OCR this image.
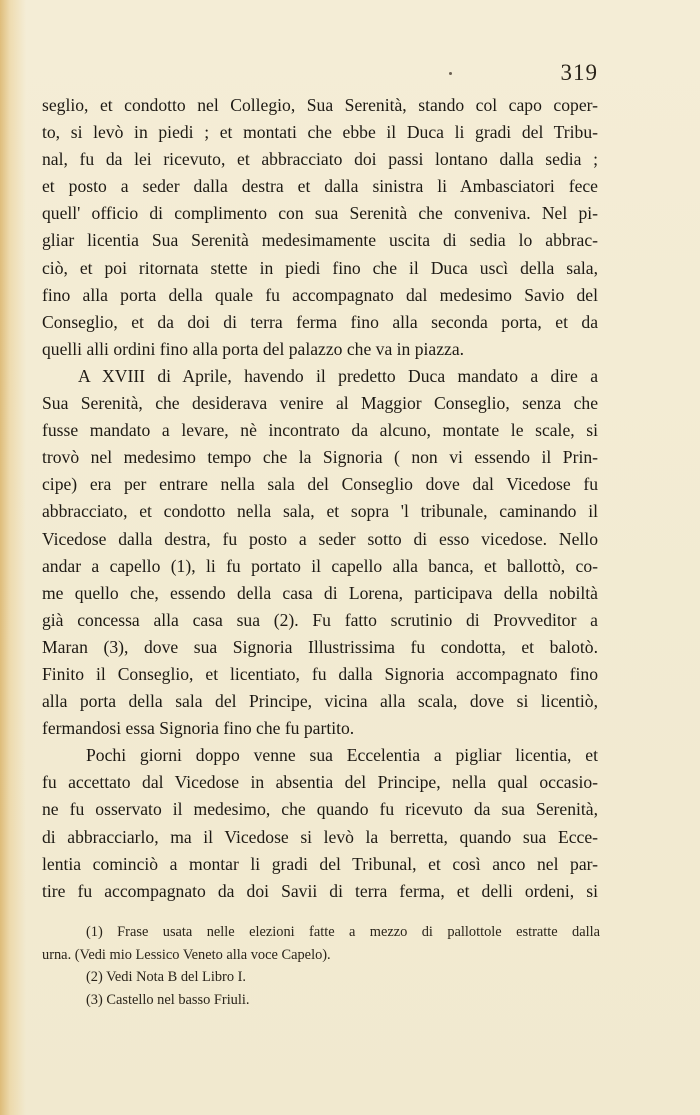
319
seglio, et condotto nel Collegio, Sua Serenità, stando col capo coper-
to, si levò in piedi ; et montati che ebbe il Duca li gradi del Tribu-
nal, fu da lei ricevuto, et abbracciato doi passi lontano dalla sedia ;
et posto a seder dalla destra et dalla sinistra li Ambasciatori fece
quell' officio di complimento con sua Serenità che conveniva. Nel pi-
gliar licentia Sua Serenità medesimamente uscita di sedia lo abbrac-
ciò, et poi ritornata stette in piedi fino che il Duca uscì della sala,
fino alla porta della quale fu accompagnato dal medesimo Savio del
Conseglio, et da doi di terra ferma fino alla seconda porta, et da
quelli alli ordini fino alla porta del palazzo che va in piazza.
A XVIII di Aprile, havendo il predetto Duca mandato a dire a
Sua Serenità, che desiderava venire al Maggior Conseglio, senza che
fusse mandato a levare, nè incontrato da alcuno, montate le scale, si
trovò nel medesimo tempo che la Signoria ( non vi essendo il Prin-
cipe) era per entrare nella sala del Conseglio dove dal Vicedose fu
abbracciato, et condotto nella sala, et sopra 'l tribunale, caminando il
Vicedose dalla destra, fu posto a seder sotto di esso vicedose. Nello
andar a capello (1), li fu portato il capello alla banca, et ballottò, co-
me quello che, essendo della casa di Lorena, participava della nobiltà
già concessa alla casa sua (2). Fu fatto scrutinio di Provveditor a
Maran (3), dove sua Signoria Illustrissima fu condotta, et balotò.
Finito il Conseglio, et licentiato, fu dalla Signoria accompagnato fino
alla porta della sala del Principe, vicina alla scala, dove si licentiò,
fermandosi essa Signoria fino che fu partito.
Pochi giorni doppo venne sua Eccelentia a pigliar licentia, et
fu accettato dal Vicedose in absentia del Principe, nella qual occasio-
ne fu osservato il medesimo, che quando fu ricevuto da sua Serenità,
di abbracciarlo, ma il Vicedose si levò la berretta, quando sua Ecce-
lentia cominciò a montar li gradi del Tribunal, et così anco nel par-
tire fu accompagnato da doi Savii di terra ferma, et delli ordeni, si
(1) Frase usata nelle elezioni fatte a mezzo di pallottole estratte dalla
urna. (Vedi mio Lessico Veneto alla voce Capelo).
(2) Vedi Nota B del Libro I.
(3) Castello nel basso Friuli.
